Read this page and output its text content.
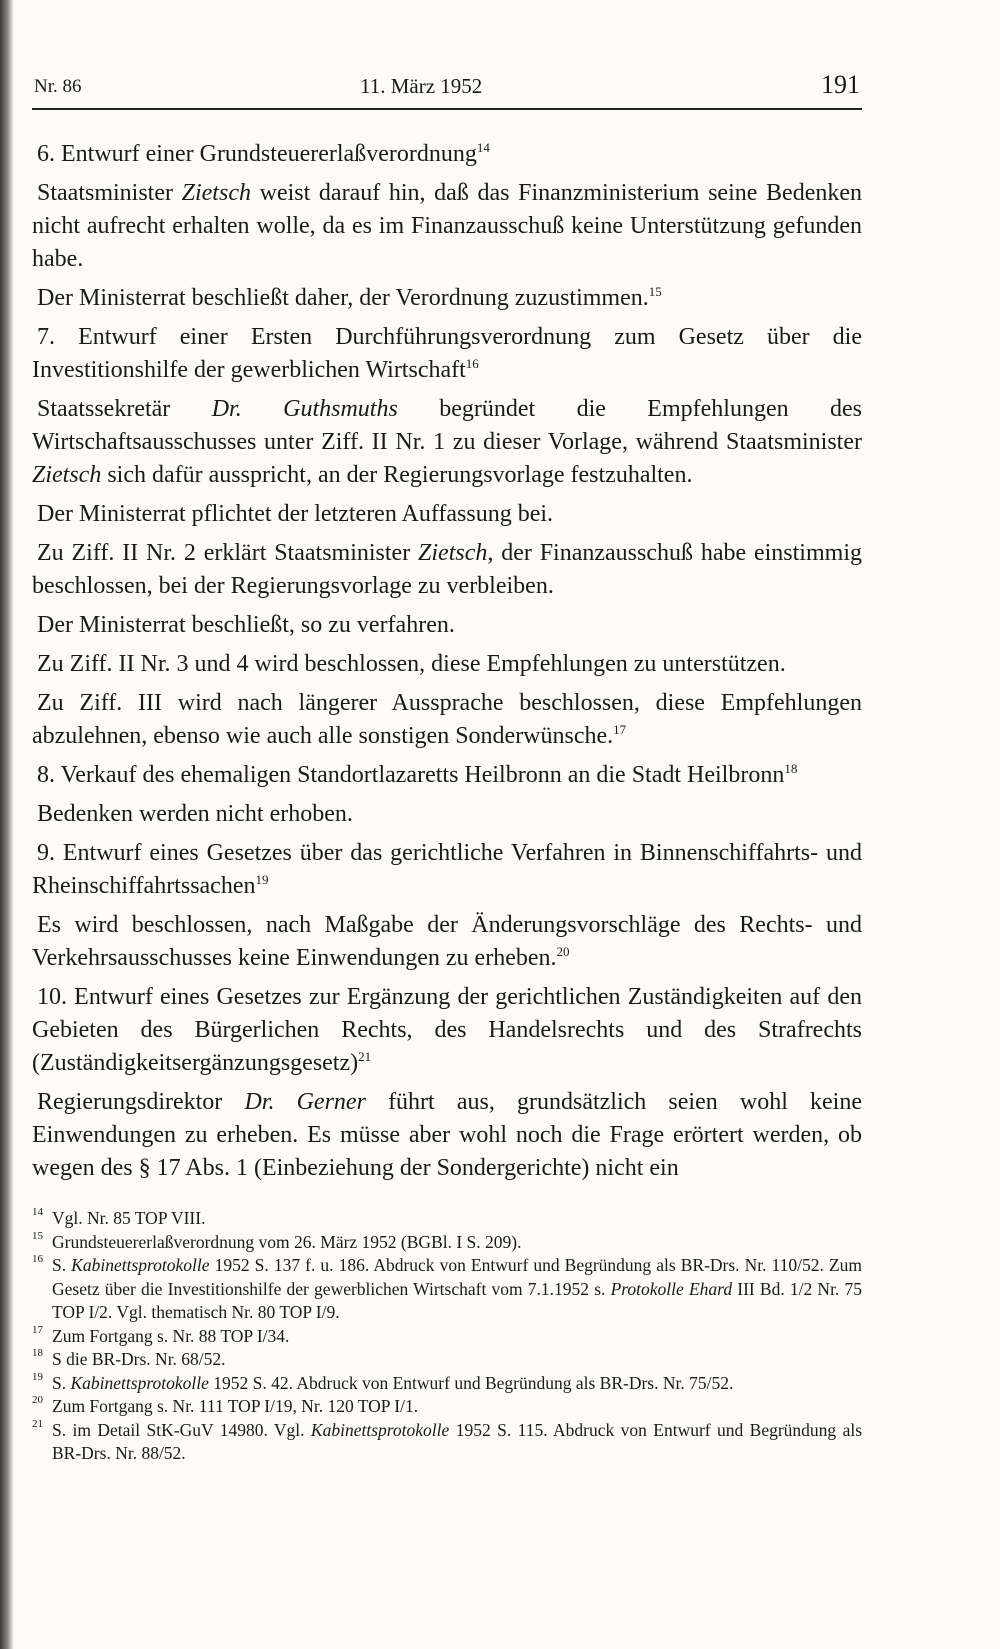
Nr. 86	11. März 1952	191

6. Entwurf einer Grundsteuererlaßverordnung$^{14}$

Staatsminister Zietsch weist darauf hin, daß das Finanzministerium seine Bedenken nicht aufrecht erhalten wolle, da es im Finanzausschuß keine Unterstützung gefunden habe.

Der Ministerrat beschließt daher, der Verordnung zuzustimmen.$^{15}$

7. Entwurf einer Ersten Durchführungsverordnung zum Gesetz über die Investitionshilfe der gewerblichen Wirtschaft$^{16}$

Staatssekretär Dr. Guthsmuths begründet die Empfehlungen des Wirtschaftsausschusses unter Ziff. II Nr. 1 zu dieser Vorlage, während Staatsminister Zietsch sich dafür ausspricht, an der Regierungsvorlage festzuhalten.

Der Ministerrat pflichtet der letzteren Auffassung bei.

Zu Ziff. II Nr. 2 erklärt Staatsminister Zietsch, der Finanzausschuß habe einstimmig beschlossen, bei der Regierungsvorlage zu verbleiben.

Der Ministerrat beschließt, so zu verfahren.

Zu Ziff. II Nr. 3 und 4 wird beschlossen, diese Empfehlungen zu unterstützen.

Zu Ziff. III wird nach längerer Aussprache beschlossen, diese Empfehlungen abzulehnen, ebenso wie auch alle sonstigen Sonderwünsche.$^{17}$

8. Verkauf des ehemaligen Standortlazaretts Heilbronn an die Stadt Heilbronn$^{18}$

Bedenken werden nicht erhoben.

9. Entwurf eines Gesetzes über das gerichtliche Verfahren in Binnenschiffahrts- und Rheinschiffahrtssachen$^{19}$

Es wird beschlossen, nach Maßgabe der Änderungsvorschläge des Rechts- und Verkehrsausschusses keine Einwendungen zu erheben.$^{20}$

10. Entwurf eines Gesetzes zur Ergänzung der gerichtlichen Zuständigkeiten auf den Gebieten des Bürgerlichen Rechts, des Handelsrechts und des Strafrechts (Zuständigkeitsergänzungsgesetz)$^{21}$

Regierungsdirektor Dr. Gerner führt aus, grundsätzlich seien wohl keine Einwendungen zu erheben. Es müsse aber wohl noch die Frage erörtert werden, ob wegen des § 17 Abs. 1 (Einbeziehung der Sondergerichte) nicht ein

14 Vgl. Nr. 85 TOP VIII.

15 Grundsteuererlaßverordnung vom 26. März 1952 (BGBl. I S. 209).

16 S. Kabinettsprotokolle 1952 S. 137 f. u. 186. Abdruck von Entwurf und Begründung als BR-Drs. Nr. 110/52. Zum Gesetz über die Investitionshilfe der gewerblichen Wirtschaft vom 7.1.1952 s. Protokolle Ehard III Bd. 1/2 Nr. 75 TOP I/2. Vgl. thematisch Nr. 80 TOP I/9.

17 Zum Fortgang s. Nr. 88 TOP I/34.

18 S die BR-Drs. Nr. 68/52.

19 S. Kabinettsprotokolle 1952 S. 42. Abdruck von Entwurf und Begründung als BR-Drs. Nr. 75/52.

20 Zum Fortgang s. Nr. 111 TOP I/19, Nr. 120 TOP I/1.

21 S. im Detail StK-GuV 14980. Vgl. Kabinettsprotokolle 1952 S. 115. Abdruck von Entwurf und Begründung als BR-Drs. Nr. 88/52.
